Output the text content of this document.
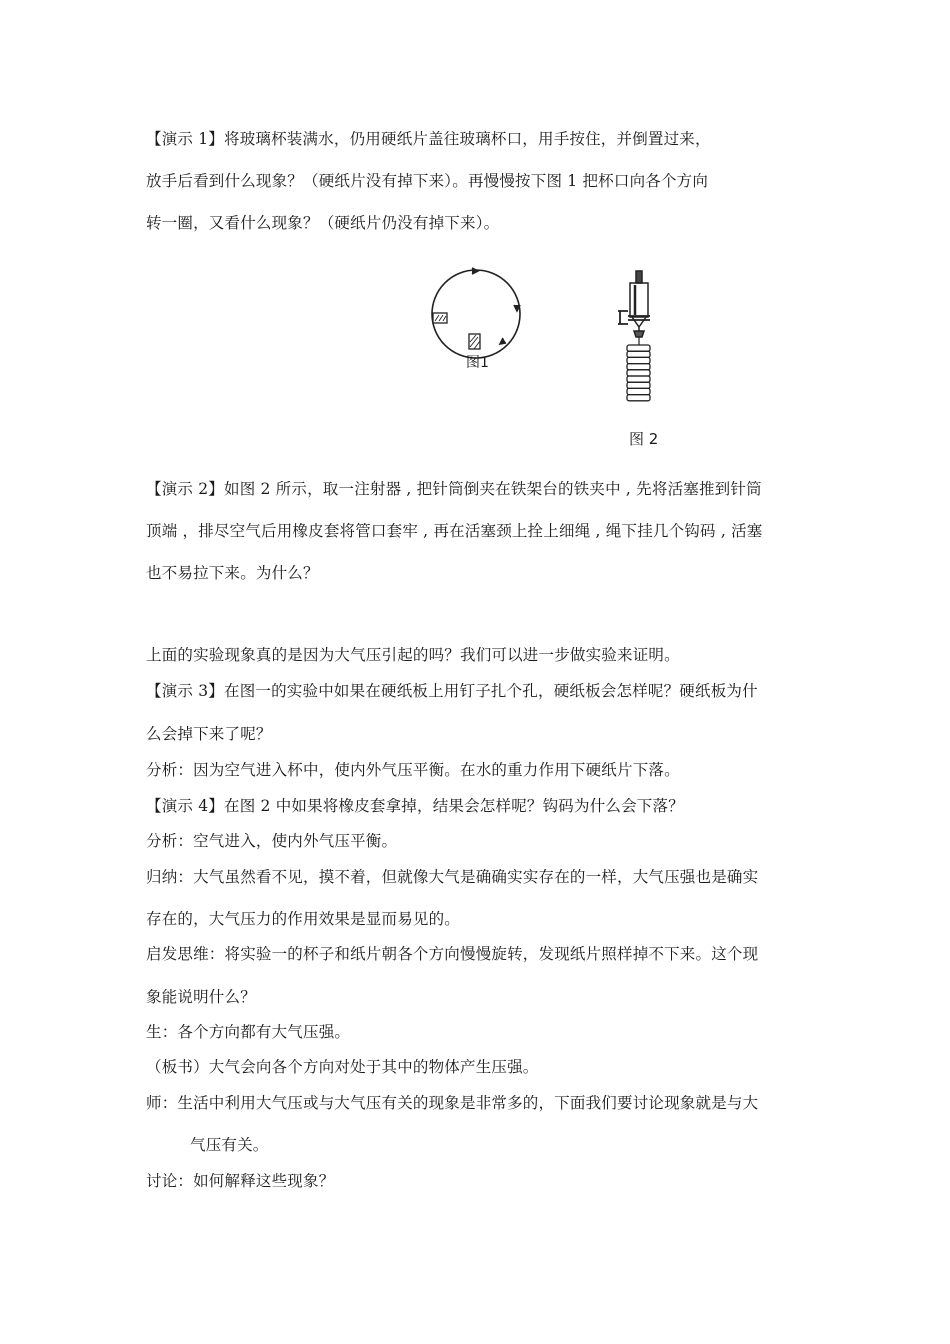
【演示 1】将玻璃杯装满水，仍用硬纸片盖往玻璃杯口，用手按住，并倒置过来，
放手后看到什么现象？（硬纸片没有掉下来）。再慢慢按下图 1 把杯口向各个方向
转一圈，又看什么现象？（硬纸片仍没有掉下来）。
图1
图 2
【演示 2】如图 2 所示，取一注射器 , 把针筒倒夹在铁架台的铁夹中 , 先将活塞推到针筒
顶端 ，排尽空气后用橡皮套将管口套牢 , 再在活塞颈上拴上细绳 , 绳下挂几个钩码 , 活塞
也不易拉下来。为什么？
上面的实验现象真的是因为大气压引起的吗？我们可以进一步做实验来证明。
【演示 3】在图一的实验中如果在硬纸板上用钉子扎个孔，硬纸板会怎样呢？硬纸板为什
么会掉下来了呢？
分析：因为空气进入杯中，使内外气压平衡。在水的重力作用下硬纸片下落。
【演示 4】在图 2 中如果将橡皮套拿掉，结果会怎样呢？钩码为什么会下落？
分析：空气进入，使内外气压平衡。
归纳：大气虽然看不见，摸不着，但就像大气是确确实实存在的一样，大气压强也是确实
存在的，大气压力的作用效果是显而易见的。
启发思维：将实验一的杯子和纸片朝各个方向慢慢旋转，发现纸片照样掉不下来。这个现
象能说明什么？
生：各个方向都有大气压强。
（板书）大气会向各个方向对处于其中的物体产生压强。
师：生活中利用大气压或与大气压有关的现象是非常多的，下面我们要讨论现象就是与大
气压有关。
讨论：如何解释这些现象？
